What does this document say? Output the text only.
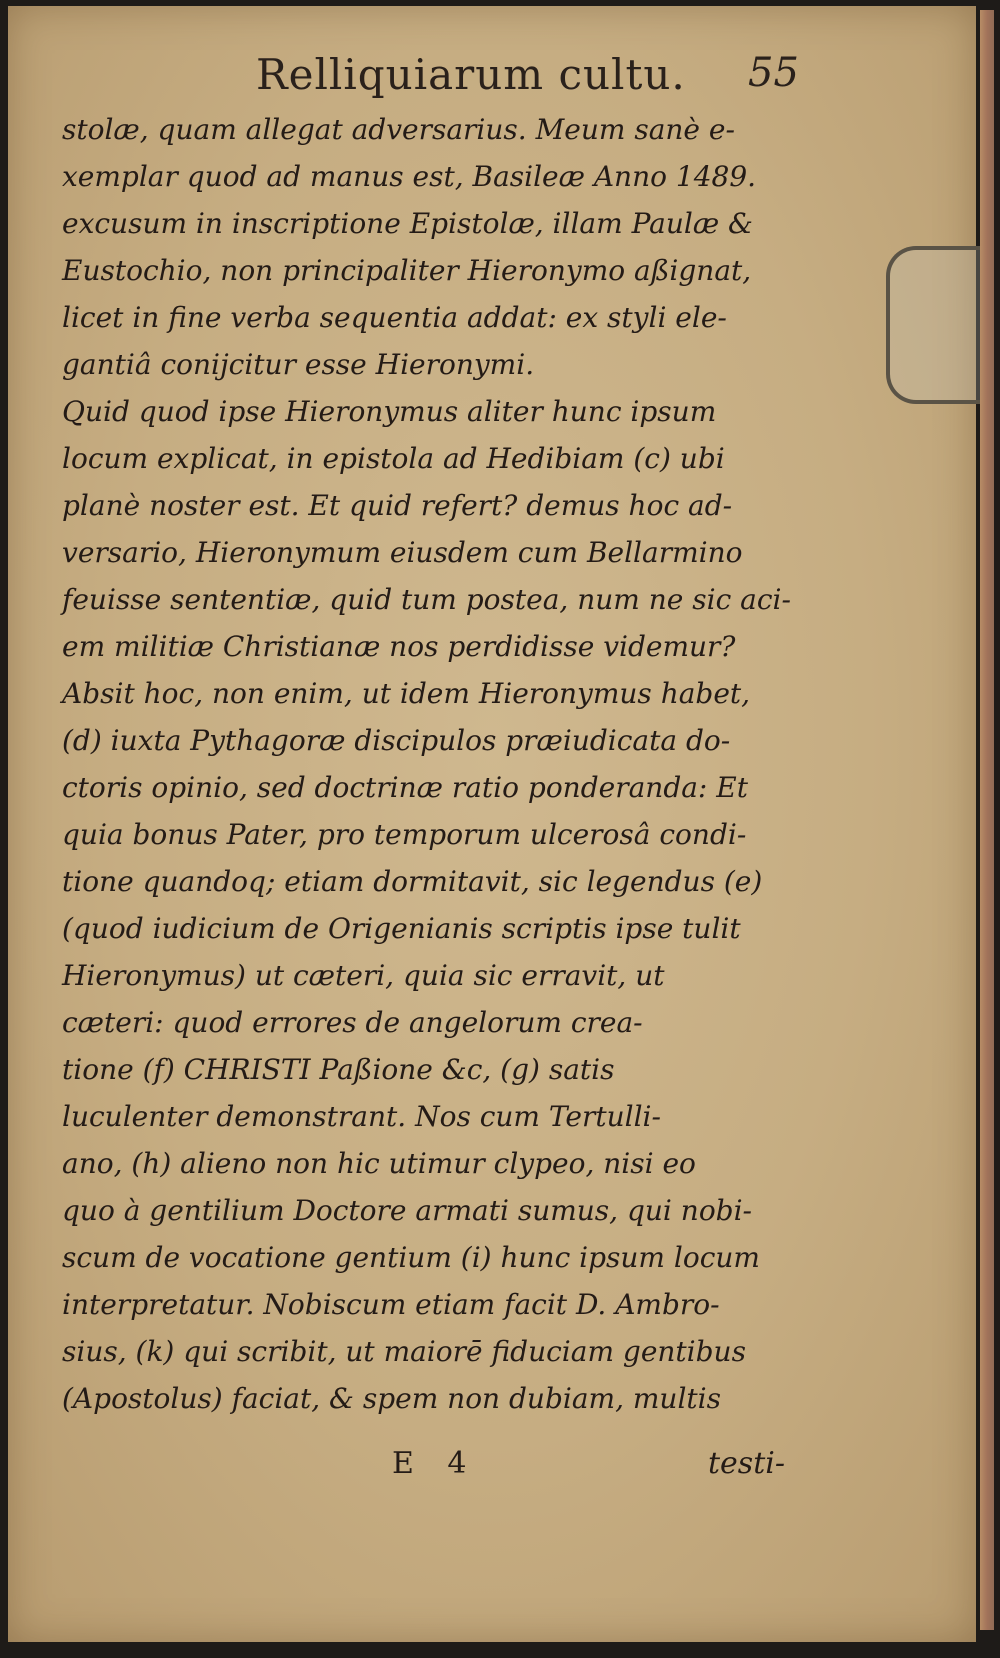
Relliquiarum cultu. 55
stolæ, quam allegat adversarius. Meum sanè e-
xemplar quod ad manus est, Basileæ Anno 1489.
excusum in inscriptione Epistolæ, illam Paulæ &
Eustochio, non principaliter Hieronymo aßignat,
licet in fine verba sequentia addat: ex styli ele-
gantiâ conijcitur esse Hieronymi.
Quid quod ipse Hieronymus aliter hunc ipsum
locum explicat, in epistola ad Hedibiam (c) ubi
planè noster est. Et quid refert? demus hoc ad-
versario, Hieronymum eiusdem cum Bellarmino
feuisse sententiæ, quid tum postea, num ne sic aci-
em militiæ Christianæ nos perdidisse videmur?
Absit hoc, non enim, ut idem Hieronymus habet,
(d) iuxta Pythagoræ discipulos præiudicata do-
ctoris opinio, sed doctrinæ ratio ponderanda: Et
quia bonus Pater, pro temporum ulcerosâ condi-
tione quandoq; etiam dormitavit, sic legendus (e)
(quod iudicium de Origenianis scriptis ipse tulit
Hieronymus) ut cæteri, quia sic erravit, ut
cæteri: quod errores de angelorum crea-
tione (f) CHRISTI Paßione &c, (g) satis
luculenter demonstrant. Nos cum Tertulli-
ano, (h) alieno non hic utimur clypeo, nisi eo
quo à gentilium Doctore armati sumus, qui nobi-
scum de vocatione gentium (i) hunc ipsum locum
interpretatur. Nobiscum etiam facit D. Ambro-
sius, (k) qui scribit, ut maiorē fiduciam gentibus
(Apostolus) faciat, & spem non dubiam, multis
E 4	testi-
